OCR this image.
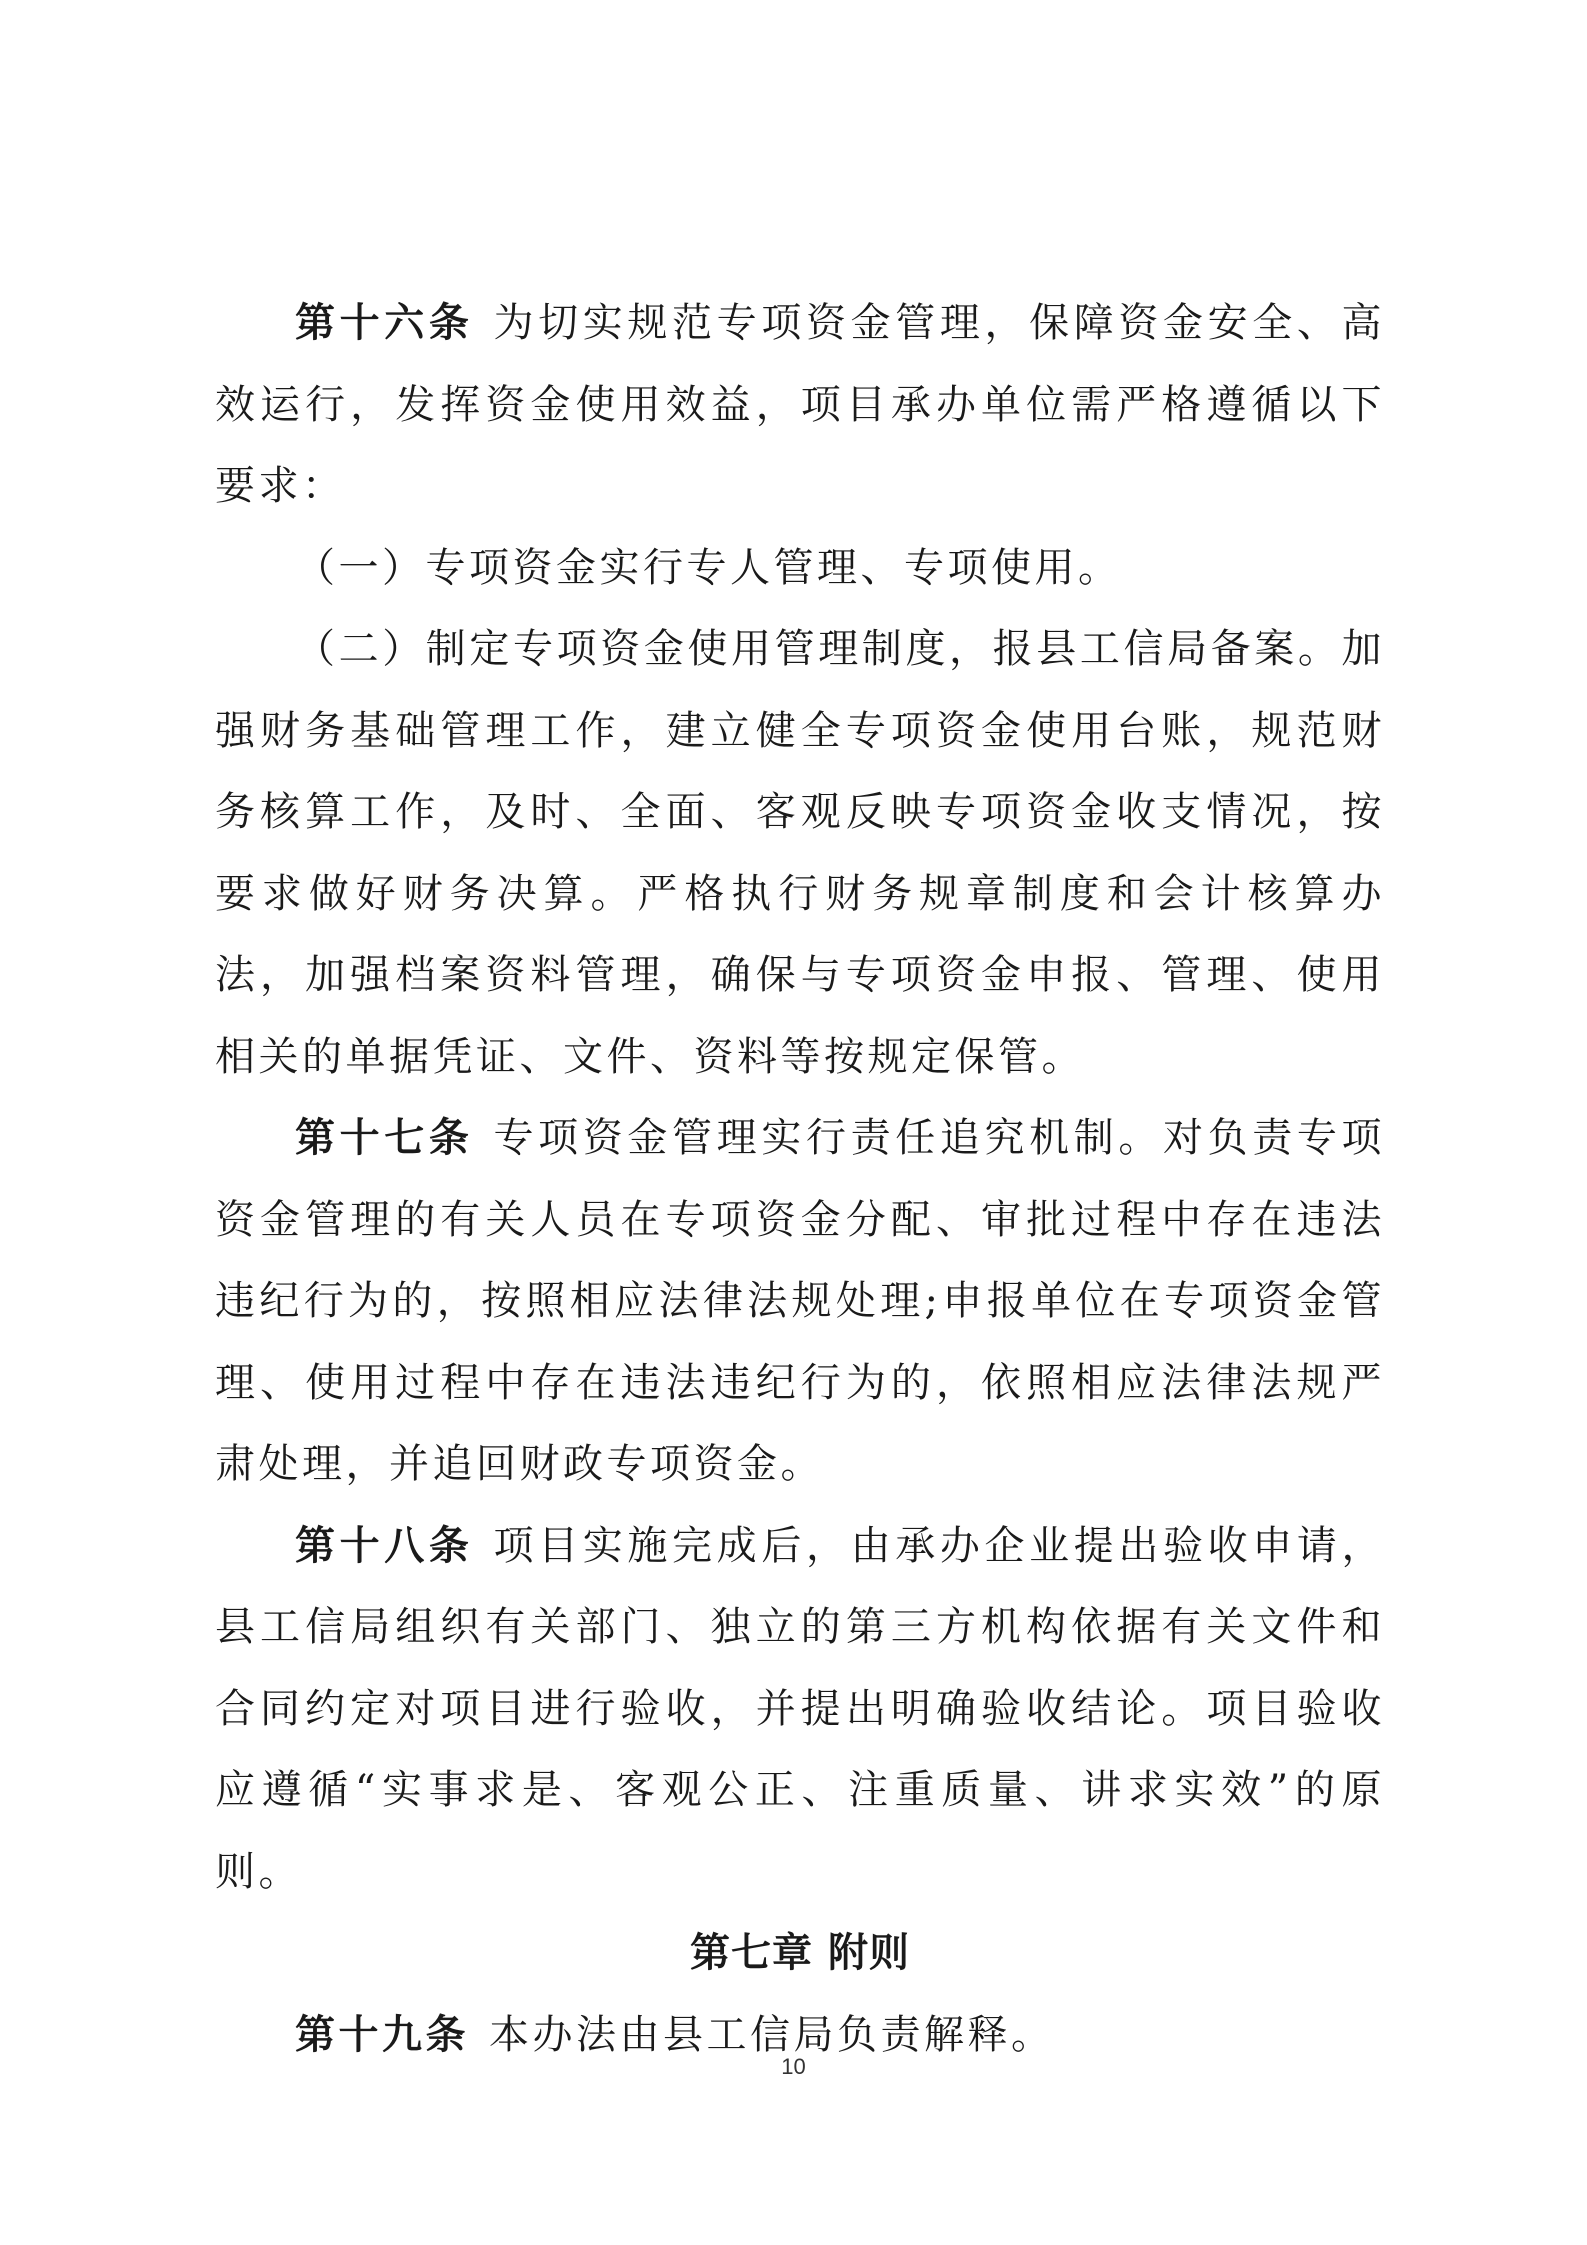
第十六条 为切实规范专项资金管理，保障资金安全、高效运行，发挥资金使用效益，项目承办单位需严格遵循以下要求：

（一）专项资金实行专人管理、专项使用。

（二）制定专项资金使用管理制度，报县工信局备案。加强财务基础管理工作，建立健全专项资金使用台账，规范财务核算工作，及时、全面、客观反映专项资金收支情况，按要求做好财务决算。严格执行财务规章制度和会计核算办法，加强档案资料管理，确保与专项资金申报、管理、使用相关的单据凭证、文件、资料等按规定保管。

第十七条 专项资金管理实行责任追究机制。对负责专项资金管理的有关人员在专项资金分配、审批过程中存在违法违纪行为的，按照相应法律法规处理;申报单位在专项资金管理、使用过程中存在违法违纪行为的，依照相应法律法规严肃处理，并追回财政专项资金。

第十八条 项目实施完成后，由承办企业提出验收申请，县工信局组织有关部门、独立的第三方机构依据有关文件和合同约定对项目进行验收，并提出明确验收结论。项目验收应遵循“实事求是、客观公正、注重质量、讲求实效”的原则。

第七章 附则

第十九条 本办法由县工信局负责解释。

10
